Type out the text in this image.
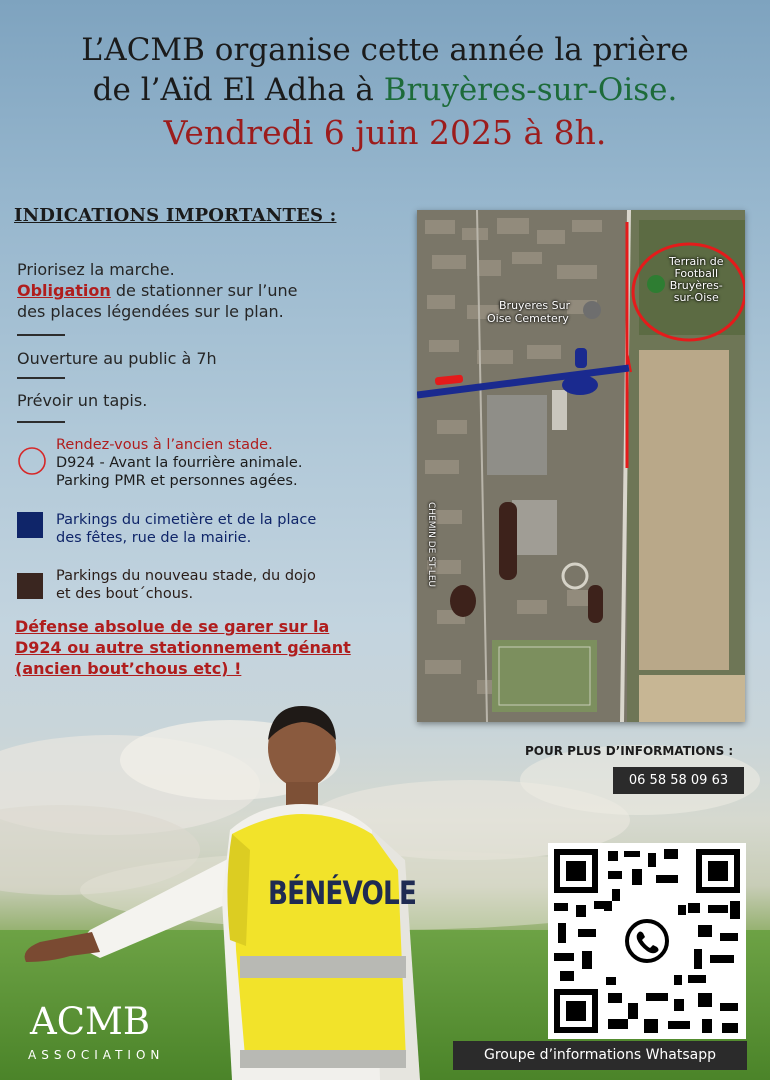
L’ACMB organise cette année la prière
de l’Aïd El Adha à Bruyères-sur-Oise.
Vendredi 6 juin 2025 à 8h.
INDICATIONS IMPORTANTES :
Priorisez la marche.
Obligation de stationner sur l’une
des places légendées sur le plan.
Ouverture au public à 7h
Prévoir un tapis.
Rendez-vous à l’ancien stade.
D924 - Avant la fourrière animale.
Parking PMR et personnes agées.
Parkings du cimetière et de la place
des fêtes, rue de la mairie.
Parkings du nouveau stade, du dojo
et des bout´chous.
Défense absolue de se garer sur la
D924 ou autre stationnement génant
(ancien bout’chous etc) !
Bruyeres Sur
Oise Cemetery
Terrain de
Football
Bruyères-
sur-Oise
CHEMIN DE ST-LEU
POUR PLUS D’INFORMATIONS :
06 58 58 09 63
Groupe d’informations Whatsapp
BÉNÉVOLE
ACMB
ASSOCIATION
